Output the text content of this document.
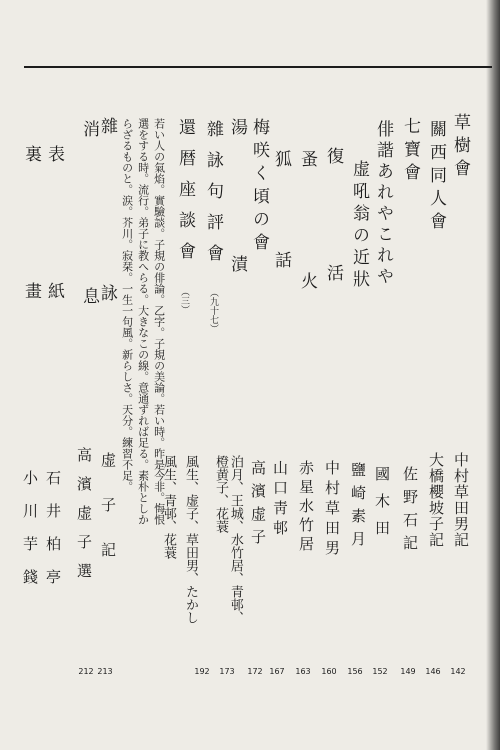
草樹會
中村草田男記
142
關西同人會
大橋櫻坡子記
146
七寶會
佐野石記
149
俳諧あれやこれや
國木田
152
虚吼翁の近狀
鹽崎素月
156
復活
中村草田男
160
蚤火
赤星水竹居
163
狐話
山口靑邨
167
梅咲く頃の會
高濱虚子
172
湯漬
泊月、王城、水竹居、青邨、橙黄子、花蓑
173
雜詠句評會
（九十七）
風生、虚子、草田男、たかし
192
還暦座談會
（三）
風生、青邨、花蓑
若い人の氣焰。實驗談。子規の俳論。乙字。子規の美論。若い時。昨是今非。悔恨
選をする時。流行。弟子に教へらる。大きなこの線。意通ずれば足る。素朴としか
らざるものと。涙。芥川。寂栞。一生一句風。新らしさ。天分。練習不足。
雜詠
高濱虚子選
212
消息
虚子記
213
表紙
石井柏亭
裏畫
小川芋錢
